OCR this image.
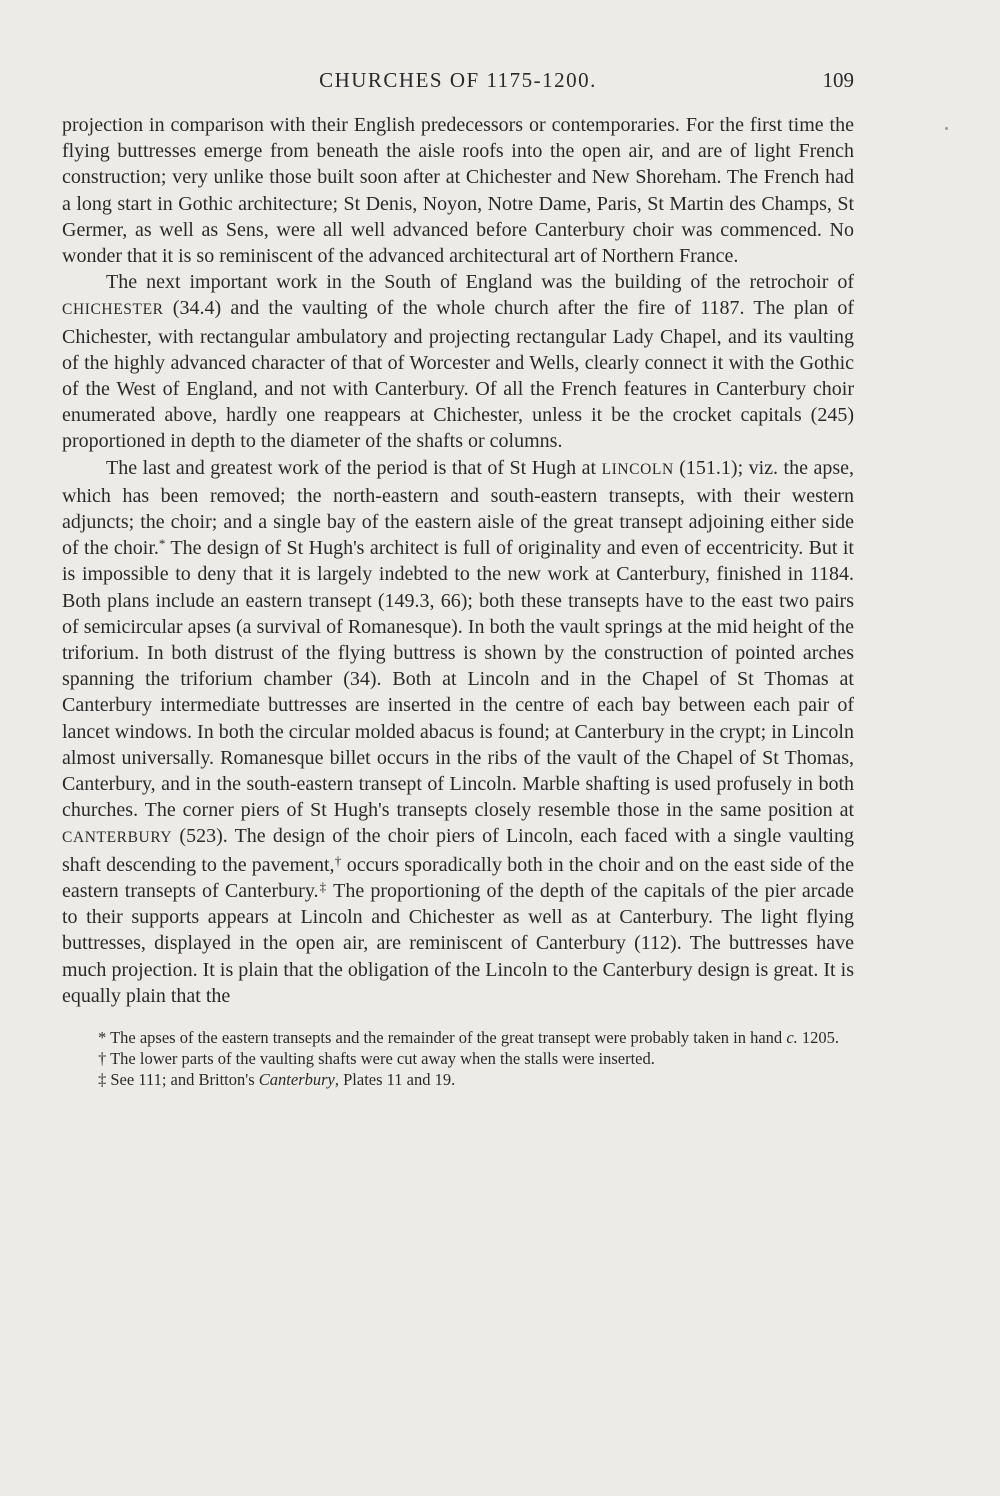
CHURCHES OF 1175-1200.	109

projection in comparison with their English predecessors or contemporaries. For the first time the flying buttresses emerge from beneath the aisle roofs into the open air, and are of light French construction; very unlike those built soon after at Chichester and New Shoreham. The French had a long start in Gothic architecture; St Denis, Noyon, Notre Dame, Paris, St Martin des Champs, St Germer, as well as Sens, were all well advanced before Canterbury choir was commenced. No wonder that it is so reminiscent of the advanced architectural art of Northern France.

The next important work in the South of England was the building of the retrochoir of CHICHESTER (34.4) and the vaulting of the whole church after the fire of 1187. The plan of Chichester, with rectangular ambulatory and projecting rectangular Lady Chapel, and its vaulting of the highly advanced character of that of Worcester and Wells, clearly connect it with the Gothic of the West of England, and not with Canterbury. Of all the French features in Canterbury choir enumerated above, hardly one reappears at Chichester, unless it be the crocket capitals (245) proportioned in depth to the diameter of the shafts or columns.

The last and greatest work of the period is that of St Hugh at LINCOLN (151.1); viz. the apse, which has been removed; the north-eastern and south-eastern transepts, with their western adjuncts; the choir; and a single bay of the eastern aisle of the great transept adjoining either side of the choir.* The design of St Hugh's architect is full of originality and even of eccentricity. But it is impossible to deny that it is largely indebted to the new work at Canterbury, finished in 1184. Both plans include an eastern transept (149.3, 66); both these transepts have to the east two pairs of semicircular apses (a survival of Romanesque). In both the vault springs at the mid height of the triforium. In both distrust of the flying buttress is shown by the construction of pointed arches spanning the triforium chamber (34). Both at Lincoln and in the Chapel of St Thomas at Canterbury intermediate buttresses are inserted in the centre of each bay between each pair of lancet windows. In both the circular molded abacus is found; at Canterbury in the crypt; in Lincoln almost universally. Romanesque billet occurs in the ribs of the vault of the Chapel of St Thomas, Canterbury, and in the south-eastern transept of Lincoln. Marble shafting is used profusely in both churches. The corner piers of St Hugh's transepts closely resemble those in the same position at CANTERBURY (523). The design of the choir piers of Lincoln, each faced with a single vaulting shaft descending to the pavement,† occurs sporadically both in the choir and on the east side of the eastern transepts of Canterbury.‡ The proportioning of the depth of the capitals of the pier arcade to their supports appears at Lincoln and Chichester as well as at Canterbury. The light flying buttresses, displayed in the open air, are reminiscent of Canterbury (112). The buttresses have much projection. It is plain that the obligation of the Lincoln to the Canterbury design is great. It is equally plain that the

* The apses of the eastern transepts and the remainder of the great transept were probably taken in hand c. 1205.

† The lower parts of the vaulting shafts were cut away when the stalls were inserted.

‡ See 111; and Britton's Canterbury, Plates 11 and 19.
